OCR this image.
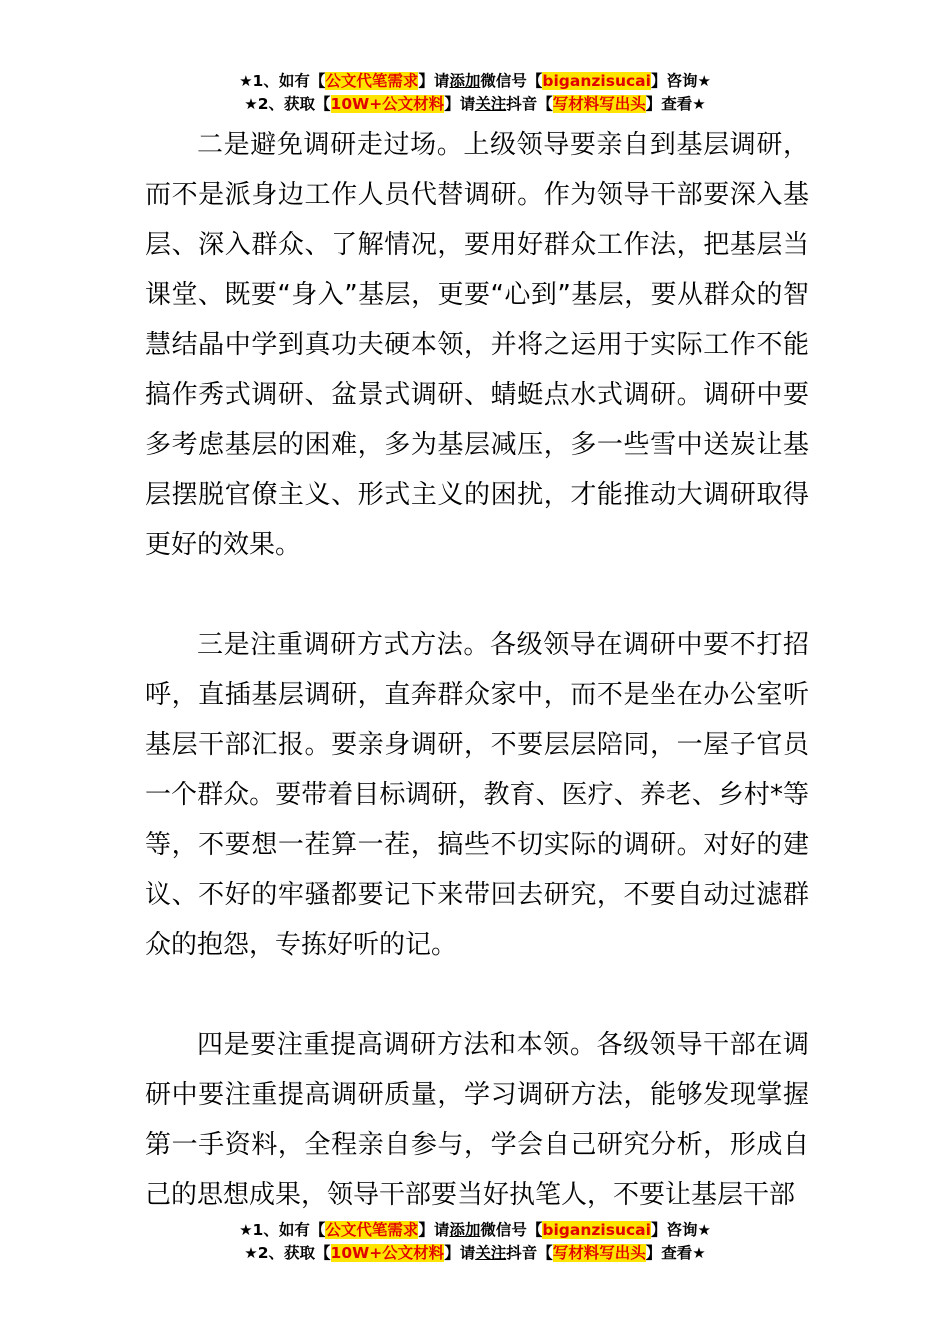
★1、如有【公文代笔需求】请添加微信号【biganzisucai】咨询★
★2、获取【10W+公文材料】请关注抖音【写材料写出头】查看★

二是避免调研走过场。上级领导要亲自到基层调研，而不是派身边工作人员代替调研。作为领导干部要深入基层、深入群众、了解情况，要用好群众工作法，把基层当课堂、既要“身入”基层，更要“心到”基层，要从群众的智慧结晶中学到真功夫硬本领，并将之运用于实际工作不能搞作秀式调研、盆景式调研、蜻蜓点水式调研。调研中要多考虑基层的困难，多为基层减压，多一些雪中送炭让基层摆脱官僚主义、形式主义的困扰，才能推动大调研取得更好的效果。

三是注重调研方式方法。各级领导在调研中要不打招呼，直插基层调研，直奔群众家中，而不是坐在办公室听基层干部汇报。要亲身调研，不要层层陪同，一屋子官员一个群众。要带着目标调研，教育、医疗、养老、乡村*等等，不要想一茬算一茬，搞些不切实际的调研。对好的建议、不好的牢骚都要记下来带回去研究，不要自动过滤群众的抱怨，专拣好听的记。

四是要注重提高调研方法和本领。各级领导干部在调研中要注重提高调研质量，学习调研方法，能够发现掌握第一手资料，全程亲自参与，学会自己研究分析，形成自己的思想成果，领导干部要当好执笔人，不要让基层干部

★1、如有【公文代笔需求】请添加微信号【biganzisucai】咨询★
★2、获取【10W+公文材料】请关注抖音【写材料写出头】查看★
